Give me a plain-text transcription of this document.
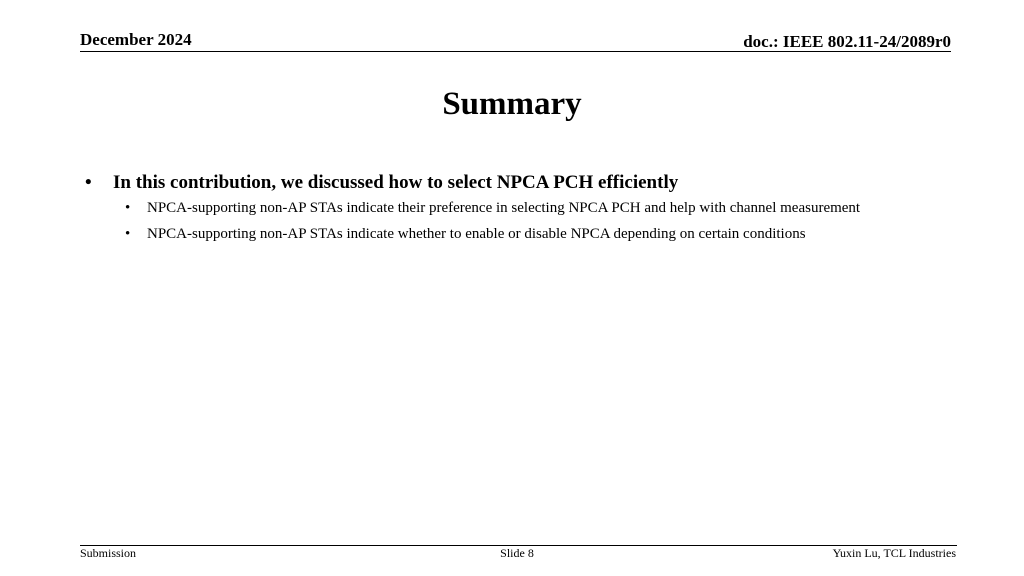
December 2024	doc.: IEEE 802.11-24/2089r0
Summary
• In this contribution, we discussed how to select NPCA PCH efficiently
• NPCA-supporting non-AP STAs indicate their preference in selecting NPCA PCH and help with channel measurement
• NPCA-supporting non-AP STAs indicate whether to enable or disable NPCA depending on certain conditions
Submission	Slide 8	Yuxin Lu, TCL Industries
